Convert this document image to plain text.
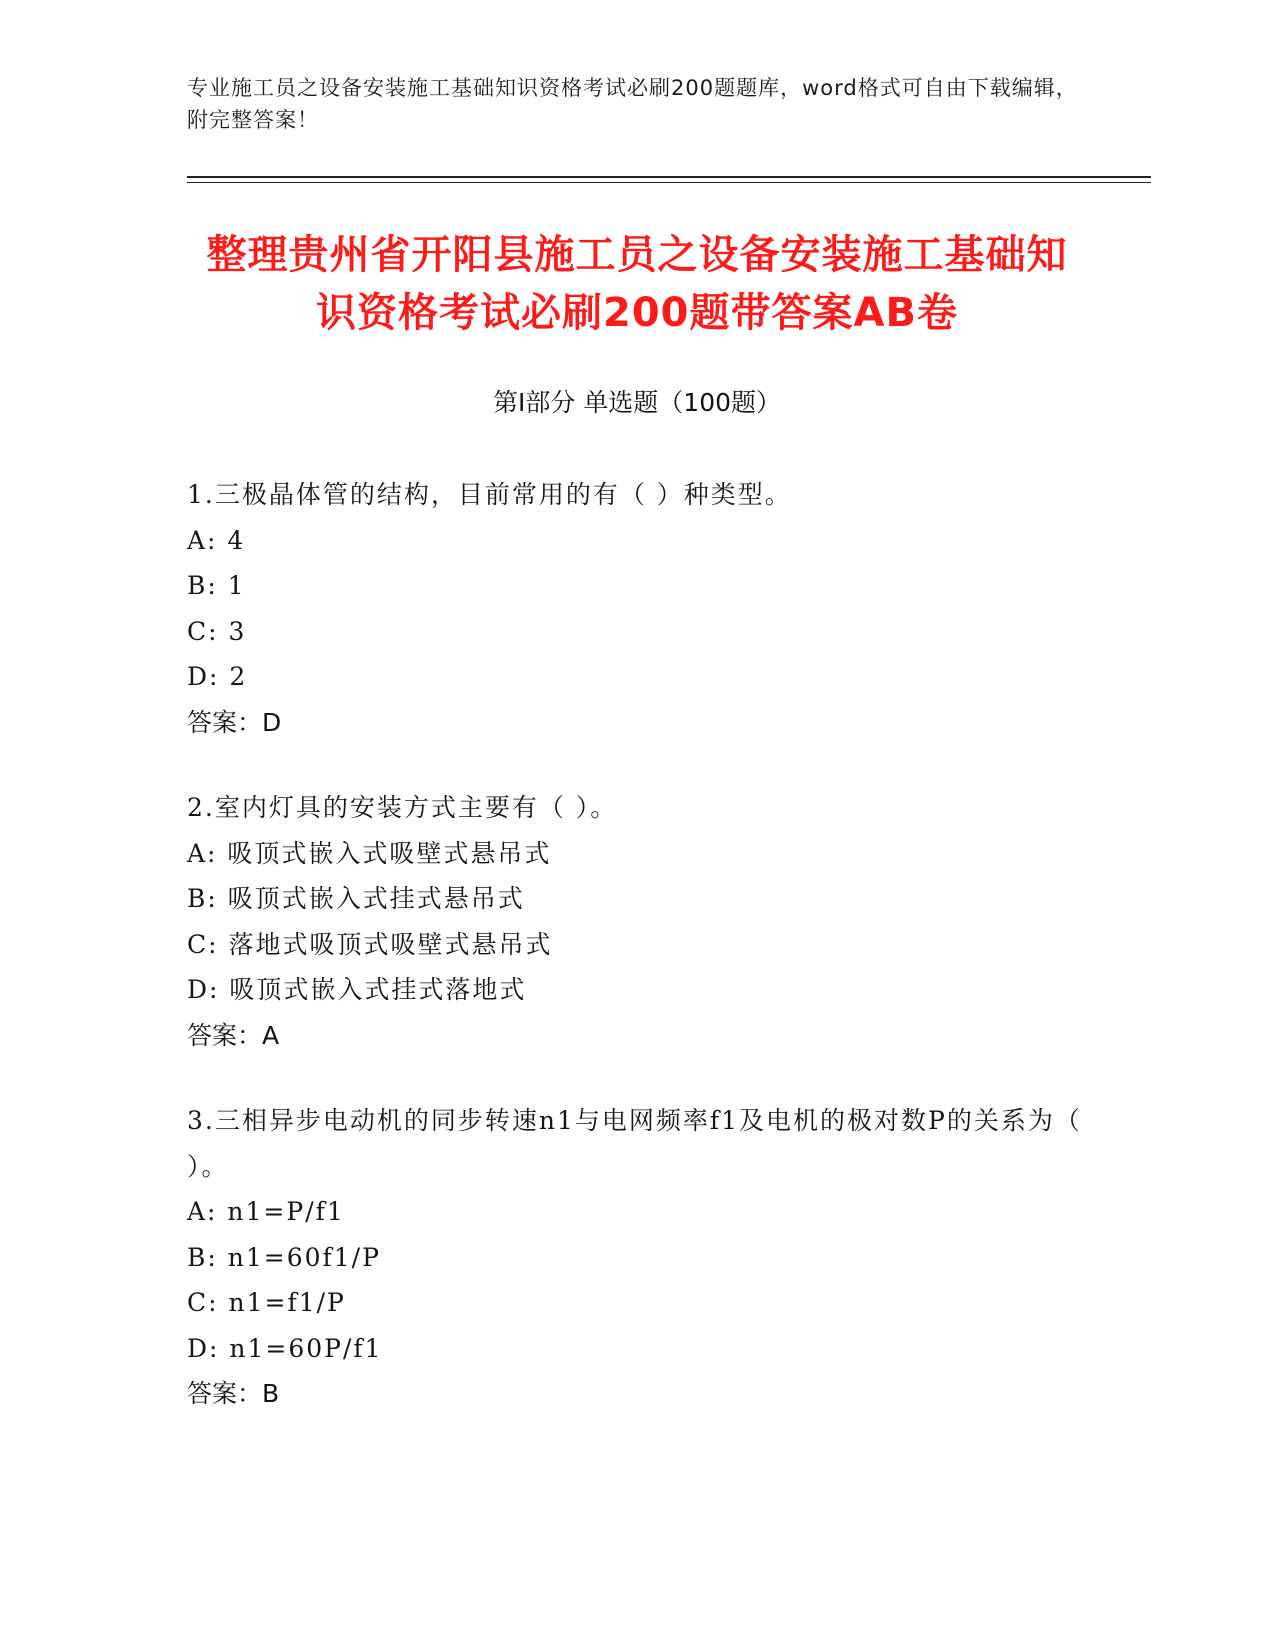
专业施工员之设备安装施工基础知识资格考试必刷200题题库，word格式可自由下载编辑，附完整答案！
整理贵州省开阳县施工员之设备安装施工基础知识资格考试必刷200题带答案AB卷
第I部分 单选题（100题）

1.三极晶体管的结构，目前常用的有（ ）种类型。

A: 4

B: 1

C: 3

D: 2

答案：D

2.室内灯具的安装方式主要有（ ）。

A: 吸顶式嵌入式吸壁式悬吊式

B: 吸顶式嵌入式挂式悬吊式

C: 落地式吸顶式吸壁式悬吊式

D: 吸顶式嵌入式挂式落地式

答案：A

3.三相异步电动机的同步转速n1与电网频率f1及电机的极对数P的关系为（ ）。

A: n1=P/f1

B: n1=60f1/P

C: n1=f1/P

D: n1=60P/f1

答案：B
